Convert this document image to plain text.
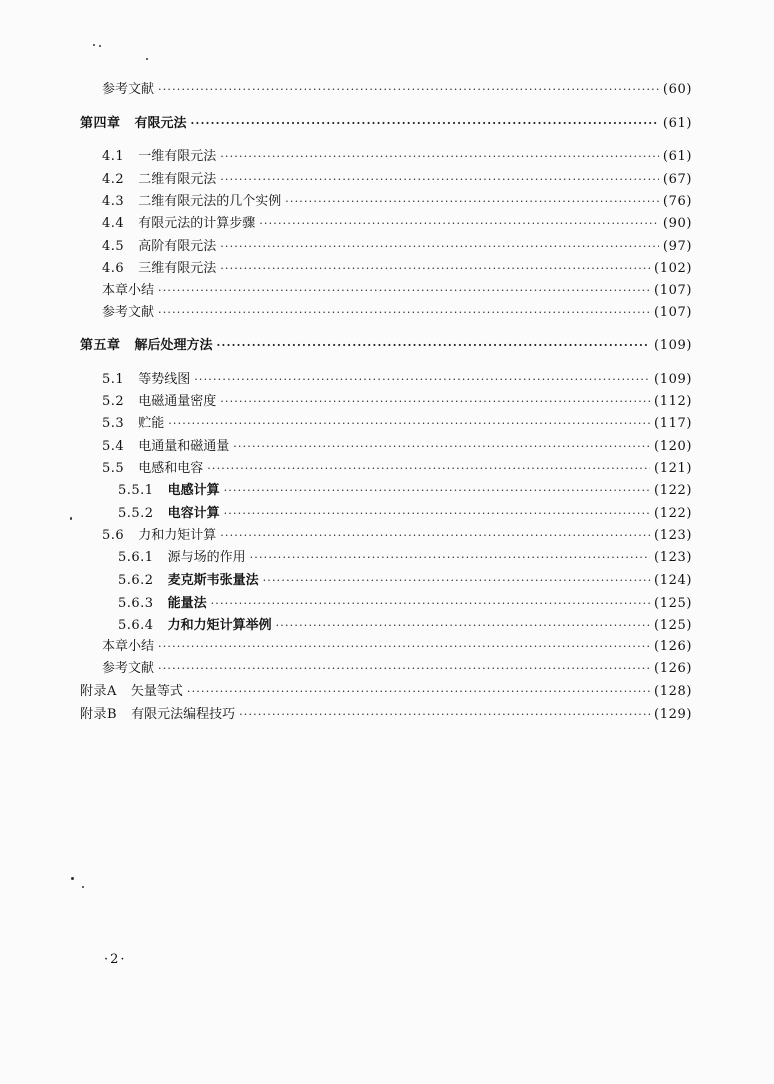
参考文献 ·····	(60)
第四章	有限元法 ·····	(61)
4.1	一维有限元法 ·····	(61)
4.2	二维有限元法 ·····	(67)
4.3	二维有限元法的几个实例 ·····	(76)
4.4	有限元法的计算步骤 ·····	(90)
4.5	高阶有限元法 ·····	(97)
4.6	三维有限元法 ·····	(102)
本章小结 ·····	(107)
参考文献 ·····	(107)
第五章	解后处理方法 ·····	(109)
5.1	等势线图 ·····	(109)
5.2	电磁通量密度 ·····	(112)
5.3	贮能 ·····	(117)
5.4	电通量和磁通量 ·····	(120)
5.5	电感和电容 ·····	(121)
5.5.1	电感计算 ·····	(122)
5.5.2	电容计算 ·····	(122)
5.6	力和力矩计算 ·····	(123)
5.6.1	源与场的作用 ·····	(123)
5.6.2	麦克斯韦张量法 ·····	(124)
5.6.3	能量法 ·····	(125)
5.6.4	力和力矩计算举例 ·····	(125)
本章小结 ·····	(126)
参考文献 ·····	(126)
附录A	矢量等式 ·····	(128)
附录B	有限元法编程技巧 ·····	(129)
·2·
